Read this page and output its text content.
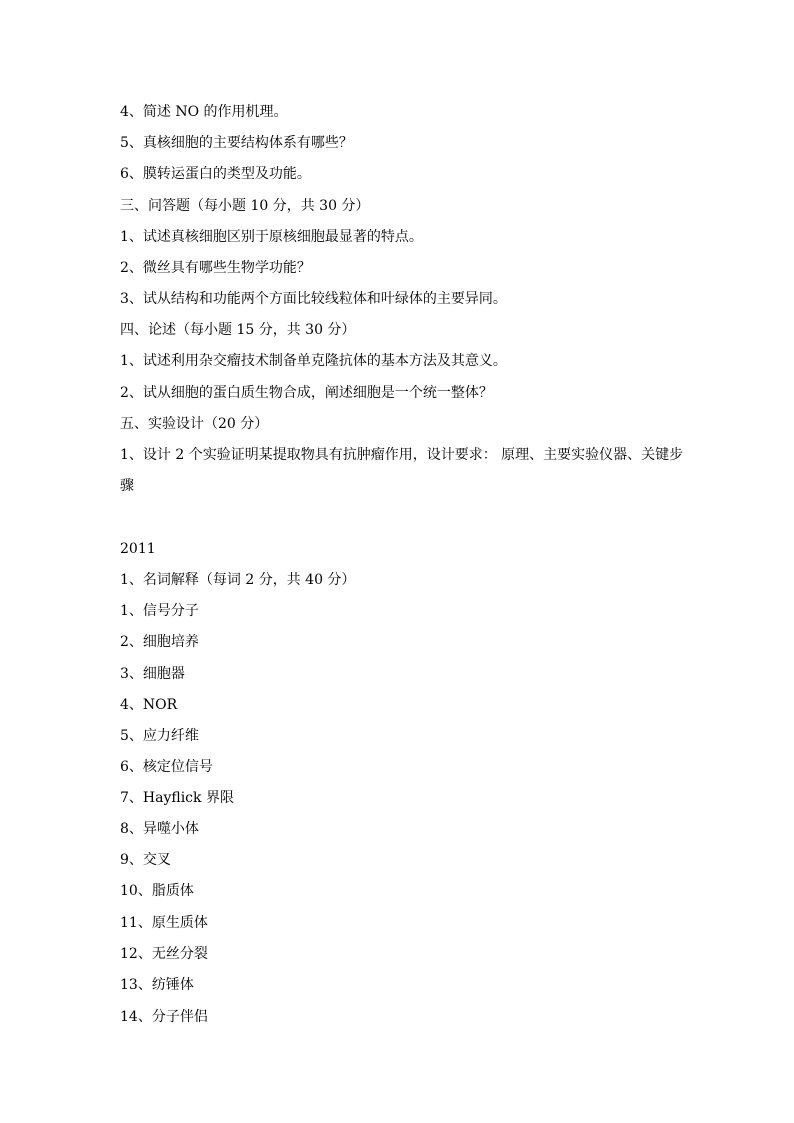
4、简述 NO 的作用机理。
5、真核细胞的主要结构体系有哪些？
6、膜转运蛋白的类型及功能。
三、问答题（每小题 10 分，共 30 分）
1、试述真核细胞区别于原核细胞最显著的特点。
2、微丝具有哪些生物学功能？
3、试从结构和功能两个方面比较线粒体和叶绿体的主要异同。
四、论述（每小题 15 分，共 30 分）
1、试述利用杂交瘤技术制备单克隆抗体的基本方法及其意义。
2、试从细胞的蛋白质生物合成，阐述细胞是一个统一整体？
五、实验设计（20 分）
1、设计 2 个实验证明某提取物具有抗肿瘤作用，设计要求： 原理、主要实验仪器、关键步骤
2011
1、名词解释（每词 2 分，共 40 分）
1、信号分子
2、细胞培养
3、细胞器
4、NOR
5、应力纤维
6、核定位信号
7、Hayflick 界限
8、异噬小体
9、交叉
10、脂质体
11、原生质体
12、无丝分裂
13、纺锤体
14、分子伴侣
